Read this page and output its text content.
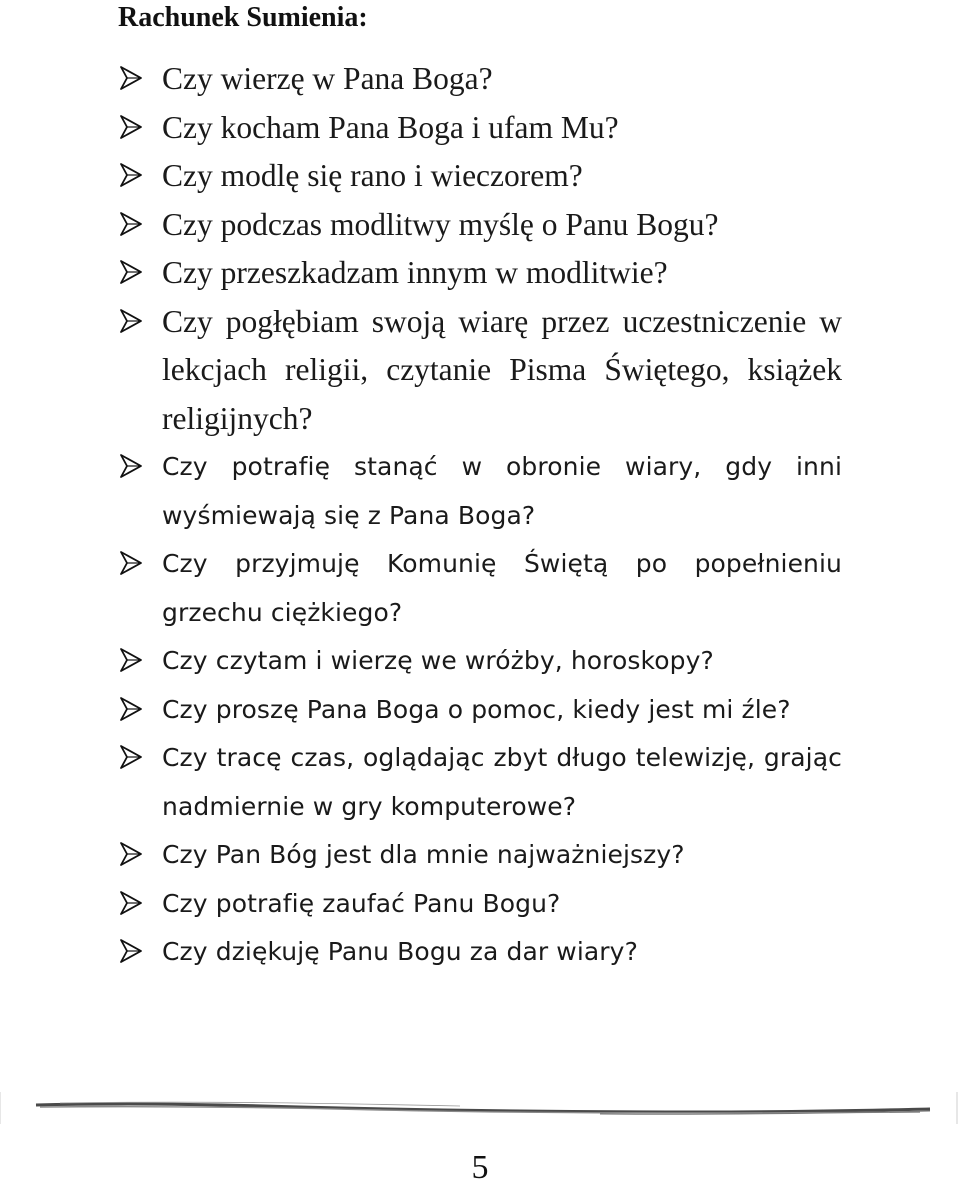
Rachunek Sumienia:
Czy wierzę w Pana Boga?
Czy kocham Pana Boga i ufam Mu?
Czy modlę się rano i wieczorem?
Czy podczas modlitwy myślę o Panu Bogu?
Czy przeszkadzam innym w modlitwie?
Czy pogłębiam swoją wiarę przez uczestniczenie w lekcjach religii, czytanie Pisma Świętego, książek religijnych?
Czy potrafię stanąć w obronie wiary, gdy inni wyśmiewają się z Pana Boga?
Czy przyjmuję Komunię Świętą po popełnieniu grzechu ciężkiego?
Czy czytam i wierzę we wróżby, horoskopy?
Czy proszę Pana Boga o pomoc, kiedy jest mi źle?
Czy tracę czas, oglądając zbyt długo telewizję, grając nadmiernie w gry komputerowe?
Czy Pan Bóg jest dla mnie najważniejszy?
Czy potrafię zaufać Panu Bogu?
Czy dziękuję Panu Bogu za dar wiary?
5
